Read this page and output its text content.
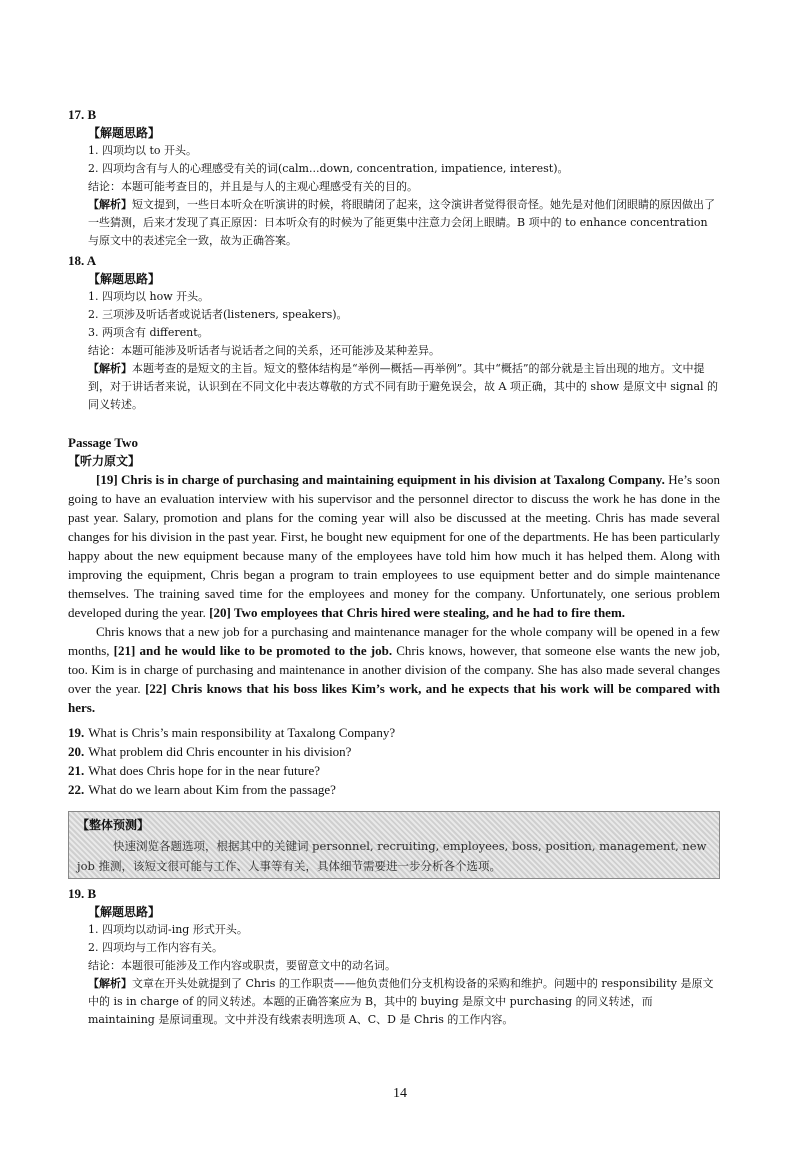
17. B
【解题思路】

1. 四项均以 to 开头。

2. 四项均含有与人的心理感受有关的词(calm...down, concentration, impatience, interest)。

结论：本题可能考查目的，并且是与人的主观心理感受有关的目的。

【解析】短文提到，一些日本听众在听演讲的时候，将眼睛闭了起来，这令演讲者觉得很奇怪。她先是对他们闭眼睛的原因做出了一些猜测，后来才发现了真正原因：日本听众有的时候为了能更集中注意力会闭上眼睛。B 项中的 to enhance concentration 与原文中的表述完全一致，故为正确答案。

18. A
【解题思路】

1. 四项均以 how 开头。

2. 三项涉及听话者或说话者(listeners, speakers)。

3. 两项含有 different。

结论：本题可能涉及听话者与说话者之间的关系，还可能涉及某种差异。

【解析】本题考查的是短文的主旨。短文的整体结构是“举例—概括—再举例”。其中“概括”的部分就是主旨出现的地方。文中提到，对于讲话者来说，认识到在不同文化中表达尊敬的方式不同有助于避免误会，故 A 项正确，其中的 show 是原文中 signal 的同义转述。

Passage Two
【听力原文】

[19] Chris is in charge of purchasing and maintaining equipment in his division at Taxalong Company. He’s soon going to have an evaluation interview with his supervisor and the personnel director to discuss the work he has done in the past year. Salary, promotion and plans for the coming year will also be discussed at the meeting. Chris has made several changes for his division in the past year. First, he bought new equipment for one of the departments. He has been particularly happy about the new equipment because many of the employees have told him how much it has helped them. Along with improving the equipment, Chris began a program to train employees to use equipment better and do simple maintenance themselves. The training saved time for the employees and money for the company. Unfortunately, one serious problem developed during the year. [20] Two employees that Chris hired were stealing, and he had to fire them.

Chris knows that a new job for a purchasing and maintenance manager for the whole company will be opened in a few months, [21] and he would like to be promoted to the job. Chris knows, however, that someone else wants the new job, too. Kim is in charge of purchasing and maintenance in another division of the company. She has also made several changes over the year. [22] Chris knows that his boss likes Kim’s work, and he expects that his work will be compared with hers.

19. What is Chris’s main responsibility at Taxalong Company?
20. What problem did Chris encounter in his division?
21. What does Chris hope for in the near future?
22. What do we learn about Kim from the passage?
【整体预测】
快速浏览各题选项，根据其中的关键词 personnel, recruiting, employees, boss, position, management, new job 推测，该短文很可能与工作、人事等有关，具体细节需要进一步分析各个选项。
19. B
【解题思路】

1. 四项均以动词-ing 形式开头。

2. 四项均与工作内容有关。

结论：本题很可能涉及工作内容或职责，要留意文中的动名词。

【解析】文章在开头处就提到了 Chris 的工作职责——他负责他们分支机构设备的采购和维护。问题中的 responsibility 是原文中的 is in charge of 的同义转述。本题的正确答案应为 B，其中的 buying 是原文中 purchasing 的同义转述，而 maintaining 是原词重现。文中并没有线索表明选项 A、C、D 是 Chris 的工作内容。

14
